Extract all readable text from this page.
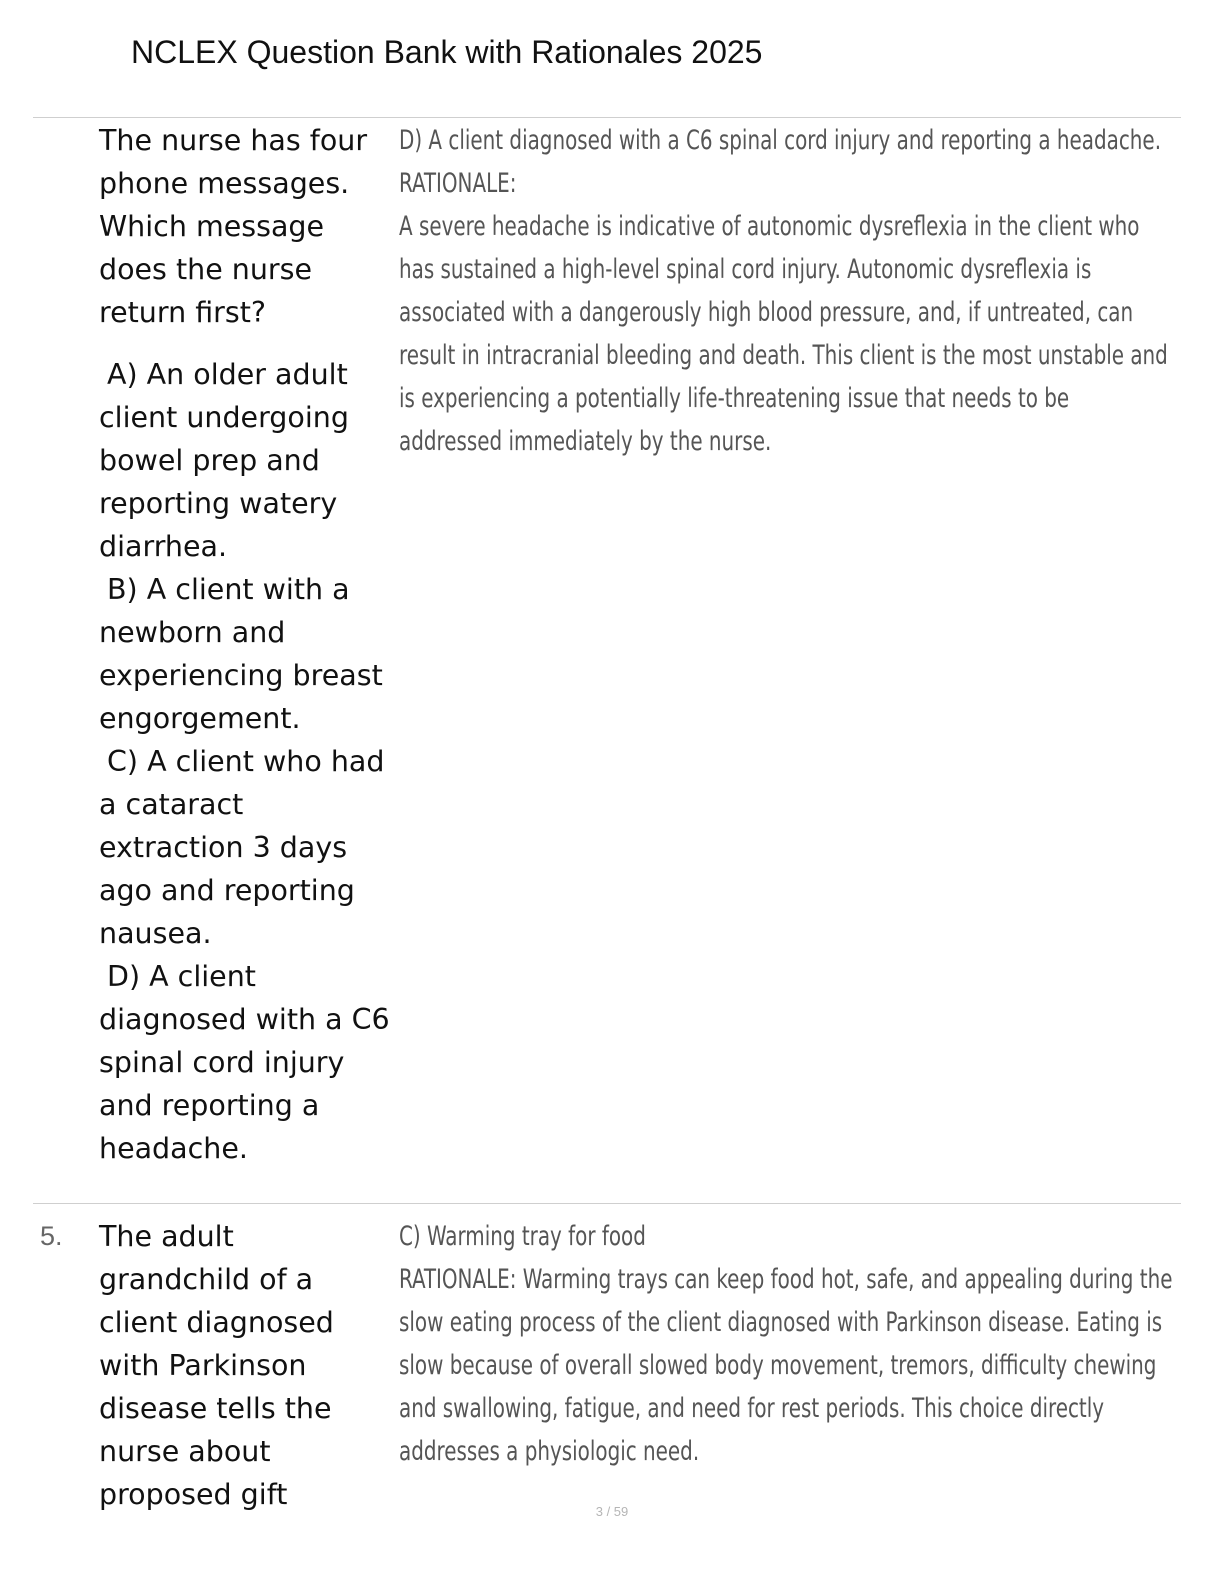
NCLEX Question Bank with Rationales 2025

The nurse has four phone messages. Which message does the nurse return first?

A) An older adult client undergoing bowel prep and reporting watery diarrhea.

B) A client with a newborn and experiencing breast engorgement.

C) A client who had a cataract extraction 3 days ago and reporting nausea.

D) A client diagnosed with a C6 spinal cord injury and reporting a headache.

D) A client diagnosed with a C6 spinal cord injury and reporting a headache.

RATIONALE:

A severe headache is indicative of autonomic dysreflexia in the client who has sustained a high-level spinal cord injury. Autonomic dysreflexia is associated with a dangerously high blood pressure, and, if untreated, can result in intracranial bleeding and death. This client is the most unstable and is experiencing a potentially life-threatening issue that needs to be addressed immediately by the nurse.

5. The adult grandchild of a client diagnosed with Parkinson disease tells the nurse about proposed gift

C) Warming tray for food

RATIONALE: Warming trays can keep food hot, safe, and appealing during the slow eating process of the client diagnosed with Parkinson disease. Eating is slow because of overall slowed body movement, tremors, difficulty chewing and swallowing, fatigue, and need for rest periods. This choice directly addresses a physiologic need.

3 / 59
